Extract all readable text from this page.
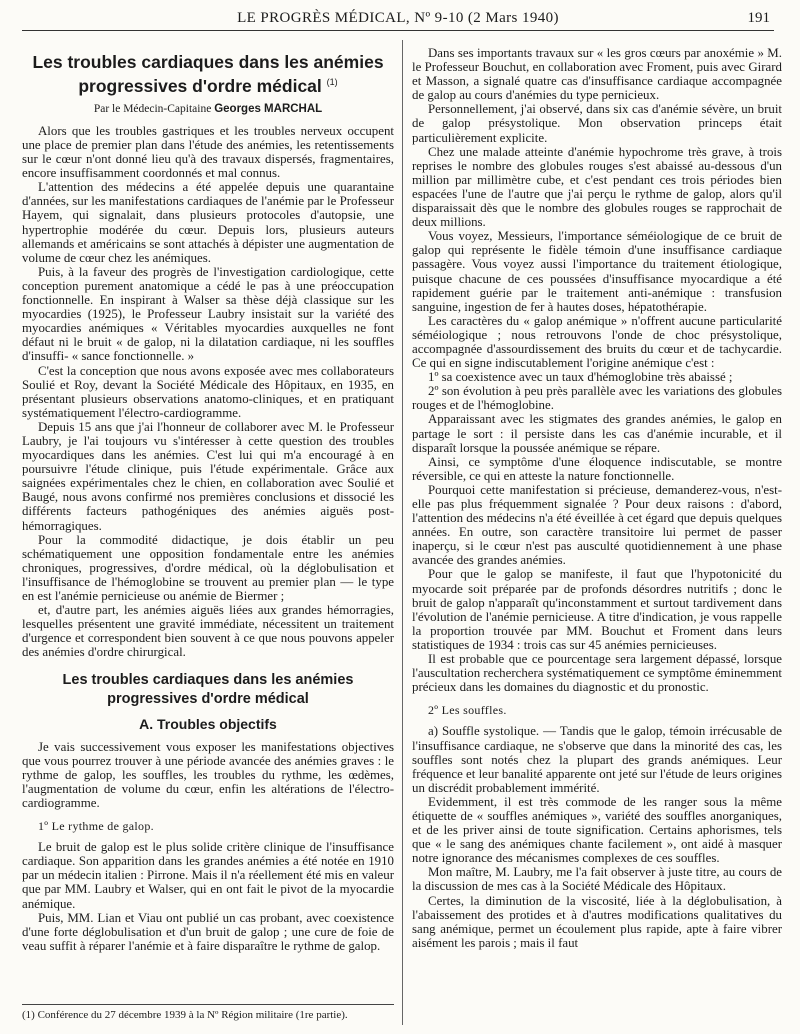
LE PROGRÈS MÉDICAL, Nº 9-10 (2 Mars 1940)	191

Les troubles cardiaques dans les anémies progressives d'ordre médical $^{(1)}$

Par le Médecin-Capitaine Georges MARCHAL

Alors que les troubles gastriques et les troubles nerveux occupent une place de premier plan dans l'étude des anémies, les retentissements sur le cœur n'ont donné lieu qu'à des travaux dispersés, fragmentaires, encore insuffisamment coordonnés et mal connus.

L'attention des médecins a été appelée depuis une quarantaine d'années, sur les manifestations cardiaques de l'anémie par le Professeur Hayem, qui signalait, dans plusieurs protocoles d'autopsie, une hypertrophie modérée du cœur. Depuis lors, plusieurs auteurs allemands et américains se sont attachés à dépister une augmentation de volume de cœur chez les anémiques.

Puis, à la faveur des progrès de l'investigation cardiologique, cette conception purement anatomique a cédé le pas à une préoccupation fonctionnelle. En inspirant à Walser sa thèse déjà classique sur les myocardies (1925), le Professeur Laubry insistait sur la variété des myocardies anémiques « Véritables myocardies auxquelles ne font défaut ni le bruit « de galop, ni la dilatation cardiaque, ni les souffles d'insuffi- « sance fonctionnelle. »

C'est la conception que nous avons exposée avec mes collaborateurs Soulié et Roy, devant la Société Médicale des Hôpitaux, en 1935, en présentant plusieurs observations anatomo-cliniques, et en pratiquant systématiquement l'électro-cardiogramme.

Depuis 15 ans que j'ai l'honneur de collaborer avec M. le Professeur Laubry, je l'ai toujours vu s'intéresser à cette question des troubles myocardiques dans les anémies. C'est lui qui m'a encouragé à en poursuivre l'étude clinique, puis l'étude expérimentale. Grâce aux saignées expérimentales chez le chien, en collaboration avec Soulié et Baugé, nous avons confirmé nos premières conclusions et dissocié les différents facteurs pathogéniques des anémies aiguës post-hémorragiques.

Pour la commodité didactique, je dois établir un peu schématiquement une opposition fondamentale entre les anémies chroniques, progressives, d'ordre médical, où la déglobulisation et l'insuffisance de l'hémoglobine se trouvent au premier plan — le type en est l'anémie pernicieuse ou anémie de Biermer ;

et, d'autre part, les anémies aiguës liées aux grandes hémorragies, lesquelles présentent une gravité immédiate, nécessitent un traitement d'urgence et correspondent bien souvent à ce que nous pouvons appeler des anémies d'ordre chirurgical.

Les troubles cardiaques dans les anémies progressives d'ordre médical

A. Troubles objectifs

Je vais successivement vous exposer les manifestations objectives que vous pourrez trouver à une période avancée des anémies graves : le rythme de galop, les souffles, les troubles du rythme, les œdèmes, l'augmentation de volume du cœur, enfin les altérations de l'électro-cardiogramme.

1º Le rythme de galop.

Le bruit de galop est le plus solide critère clinique de l'insuffisance cardiaque. Son apparition dans les grandes anémies a été notée en 1910 par un médecin italien : Pirrone. Mais il n'a réellement été mis en valeur que par MM. Laubry et Walser, qui en ont fait le pivot de la myocardie anémique.

Puis, MM. Lian et Viau ont publié un cas probant, avec coexistence d'une forte déglobulisation et d'un bruit de galop ; une cure de foie de veau suffit à réparer l'anémie et à faire disparaître le rythme de galop.

(1) Conférence du 27 décembre 1939 à la Nº Région militaire (1re partie).

Dans ses importants travaux sur « les gros cœurs par anoxémie » M. le Professeur Bouchut, en collaboration avec Froment, puis avec Girard et Masson, a signalé quatre cas d'insuffisance cardiaque accompagnée de galop au cours d'anémies du type pernicieux.

Personnellement, j'ai observé, dans six cas d'anémie sévère, un bruit de galop présystolique. Mon observation princeps était particulièrement explicite.

Chez une malade atteinte d'anémie hypochrome très grave, à trois reprises le nombre des globules rouges s'est abaissé au-dessous d'un million par millimètre cube, et c'est pendant ces trois périodes bien espacées l'une de l'autre que j'ai perçu le rythme de galop, alors qu'il disparaissait dès que le nombre des globules rouges se rapprochait de deux millions.

Vous voyez, Messieurs, l'importance séméiologique de ce bruit de galop qui représente le fidèle témoin d'une insuffisance cardiaque passagère. Vous voyez aussi l'importance du traitement étiologique, puisque chacune de ces poussées d'insuffisance myocardique a été rapidement guérie par le traitement anti-anémique : transfusion sanguine, ingestion de fer à hautes doses, hépatothérapie.

Les caractères du « galop anémique » n'offrent aucune particularité séméiologique ; nous retrouvons l'onde de choc présystolique, accompagnée d'assourdissement des bruits du cœur et de tachycardie. Ce qui en signe indiscutablement l'origine anémique c'est :

1º sa coexistence avec un taux d'hémoglobine très abaissé ;

2º son évolution à peu près parallèle avec les variations des globules rouges et de l'hémoglobine.

Apparaissant avec les stigmates des grandes anémies, le galop en partage le sort : il persiste dans les cas d'anémie incurable, et il disparaît lorsque la poussée anémique se répare.

Ainsi, ce symptôme d'une éloquence indiscutable, se montre réversible, ce qui en atteste la nature fonctionnelle.

Pourquoi cette manifestation si précieuse, demanderez-vous, n'est-elle pas plus fréquemment signalée ? Pour deux raisons : d'abord, l'attention des médecins n'a été éveillée à cet égard que depuis quelques années. En outre, son caractère transitoire lui permet de passer inaperçu, si le cœur n'est pas ausculté quotidiennement à une phase avancée des grandes anémies.

Pour que le galop se manifeste, il faut que l'hypotonicité du myocarde soit préparée par de profonds désordres nutritifs ; donc le bruit de galop n'apparaît qu'inconstamment et surtout tardivement dans l'évolution de l'anémie pernicieuse. A titre d'indication, je vous rappelle la proportion trouvée par MM. Bouchut et Froment dans leurs statistiques de 1934 : trois cas sur 45 anémies pernicieuses.

Il est probable que ce pourcentage sera largement dépassé, lorsque l'auscultation recherchera systématiquement ce symptôme éminemment précieux dans les domaines du diagnostic et du pronostic.

2º Les souffles.

a) Souffle systolique. — Tandis que le galop, témoin irrécusable de l'insuffisance cardiaque, ne s'observe que dans la minorité des cas, les souffles sont notés chez la plupart des grands anémiques. Leur fréquence et leur banalité apparente ont jeté sur l'étude de leurs origines un discrédit probablement immérité.

Evidemment, il est très commode de les ranger sous la même étiquette de « souffles anémiques », variété des souffles anorganiques, et de les priver ainsi de toute signification. Certains aphorismes, tels que « le sang des anémiques chante facilement », ont aidé à masquer notre ignorance des mécanismes complexes de ces souffles.

Mon maître, M. Laubry, me l'a fait observer à juste titre, au cours de la discussion de mes cas à la Société Médicale des Hôpitaux.

Certes, la diminution de la viscosité, liée à la déglobulisation, à l'abaissement des protides et à d'autres modifications qualitatives du sang anémique, permet un écoulement plus rapide, apte à faire vibrer aisément les parois ; mais il faut
